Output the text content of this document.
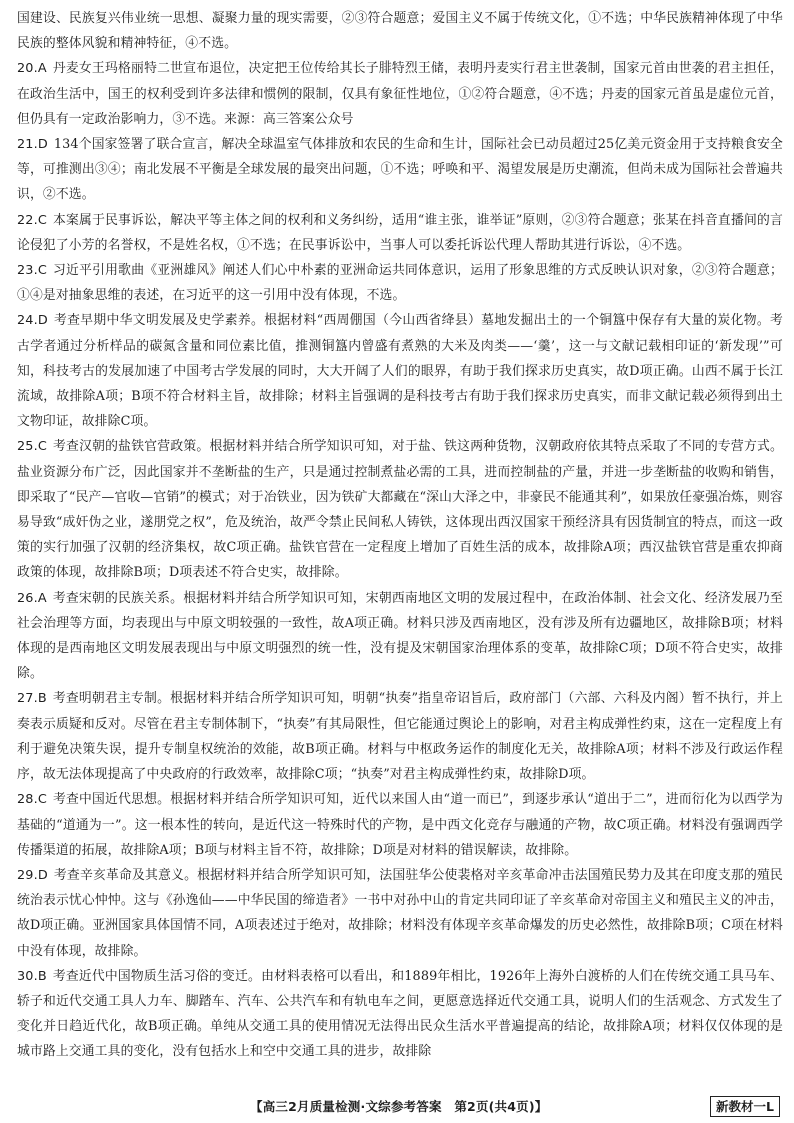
国建设、民族复兴伟业统一思想、凝聚力量的现实需要，②③符合题意；爱国主义不属于传统文化，①不选；中华民族精神体现了中华民族的整体风貌和精神特征，④不选。

20.A 丹麦女王玛格丽特二世宣布退位，决定把王位传给其长子腓特烈王储，表明丹麦实行君主世袭制，国家元首由世袭的君主担任，在政治生活中，国王的权利受到许多法律和惯例的限制，仅具有象征性地位，①②符合题意，④不选；丹麦的国家元首虽是虚位元首，但仍具有一定政治影响力，③不选。来源：高三答案公众号

21.D 134个国家签署了联合宣言，解决全球温室气体排放和农民的生命和生计，国际社会已动员超过25亿美元资金用于支持粮食安全等，可推测出③④；南北发展不平衡是全球发展的最突出问题，①不选；呼唤和平、渴望发展是历史潮流，但尚未成为国际社会普遍共识，②不选。

22.C 本案属于民事诉讼，解决平等主体之间的权利和义务纠纷，适用“谁主张，谁举证”原则，②③符合题意；张某在抖音直播间的言论侵犯了小芳的名誉权，不是姓名权，①不选；在民事诉讼中，当事人可以委托诉讼代理人帮助其进行诉讼，④不选。

23.C 习近平引用歌曲《亚洲雄风》阐述人们心中朴素的亚洲命运共同体意识，运用了形象思维的方式反映认识对象，②③符合题意；①④是对抽象思维的表述，在习近平的这一引用中没有体现，不选。

24.D 考查早期中华文明发展及史学素养。根据材料“西周倗国（今山西省绛县）墓地发掘出土的一个铜簋中保存有大量的炭化物。考古学者通过分析样品的碳氮含量和同位素比值，推测铜簋内曾盛有煮熟的大米及肉类——‘羹’，这一与文献记载相印证的‘新发现’”可知，科技考古的发展加速了中国考古学发展的同时，大大开阔了人们的眼界，有助于我们探求历史真实，故D项正确。山西不属于长江流域，故排除A项；B项不符合材料主旨，故排除；材料主旨强调的是科技考古有助于我们探求历史真实，而非文献记载必须得到出土文物印证，故排除C项。

25.C 考查汉朝的盐铁官营政策。根据材料并结合所学知识可知，对于盐、铁这两种货物，汉朝政府依其特点采取了不同的专营方式。盐业资源分布广泛，因此国家并不垄断盐的生产，只是通过控制煮盐必需的工具，进而控制盐的产量，并进一步垄断盐的收购和销售，即采取了“民产—官收—官销”的模式；对于冶铁业，因为铁矿大都藏在“深山大泽之中，非豪民不能通其利”，如果放任豪强冶炼，则容易导致“成奸伪之业，遂朋党之权”，危及统治，故严令禁止民间私人铸铁，这体现出西汉国家干预经济具有因货制宜的特点，而这一政策的实行加强了汉朝的经济集权，故C项正确。盐铁官营在一定程度上增加了百姓生活的成本，故排除A项；西汉盐铁官营是重农抑商政策的体现，故排除B项；D项表述不符合史实，故排除。

26.A 考查宋朝的民族关系。根据材料并结合所学知识可知，宋朝西南地区文明的发展过程中，在政治体制、社会文化、经济发展乃至社会治理等方面，均表现出与中原文明较强的一致性，故A项正确。材料只涉及西南地区，没有涉及所有边疆地区，故排除B项；材料体现的是西南地区文明发展表现出与中原文明强烈的统一性，没有提及宋朝国家治理体系的变革，故排除C项；D项不符合史实，故排除。

27.B 考查明朝君主专制。根据材料并结合所学知识可知，明朝“执奏”指皇帝诏旨后，政府部门（六部、六科及内阁）暂不执行，并上奏表示质疑和反对。尽管在君主专制体制下，“执奏”有其局限性，但它能通过舆论上的影响，对君主构成弹性约束，这在一定程度上有利于避免决策失误，提升专制皇权统治的效能，故B项正确。材料与中枢政务运作的制度化无关，故排除A项；材料不涉及行政运作程序，故无法体现提高了中央政府的行政效率，故排除C项；“执奏”对君主构成弹性约束，故排除D项。

28.C 考查中国近代思想。根据材料并结合所学知识可知，近代以来国人由“道一而已”，到逐步承认“道出于二”，进而衍化为以西学为基础的“道通为一”。这一根本性的转向，是近代这一特殊时代的产物，是中西文化竞存与融通的产物，故C项正确。材料没有强调西学传播渠道的拓展，故排除A项；B项与材料主旨不符，故排除；D项是对材料的错误解读，故排除。

29.D 考查辛亥革命及其意义。根据材料并结合所学知识可知，法国驻华公使裴格对辛亥革命冲击法国殖民势力及其在印度支那的殖民统治表示忧心忡忡。这与《孙逸仙——中华民国的缔造者》一书中对孙中山的肯定共同印证了辛亥革命对帝国主义和殖民主义的冲击，故D项正确。亚洲国家具体国情不同，A项表述过于绝对，故排除；材料没有体现辛亥革命爆发的历史必然性，故排除B项；C项在材料中没有体现，故排除。

30.B 考查近代中国物质生活习俗的变迁。由材料表格可以看出，和1889年相比，1926年上海外白渡桥的人们在传统交通工具马车、轿子和近代交通工具人力车、脚踏车、汽车、公共汽车和有轨电车之间，更愿意选择近代交通工具，说明人们的生活观念、方式发生了变化并日趋近代化，故B项正确。单纯从交通工具的使用情况无法得出民众生活水平普遍提高的结论，故排除A项；材料仅仅体现的是城市路上交通工具的变化，没有包括水上和空中交通工具的进步，故排除

【高三2月质量检测·文综参考答案　第2页(共4页)】	新教材一L
